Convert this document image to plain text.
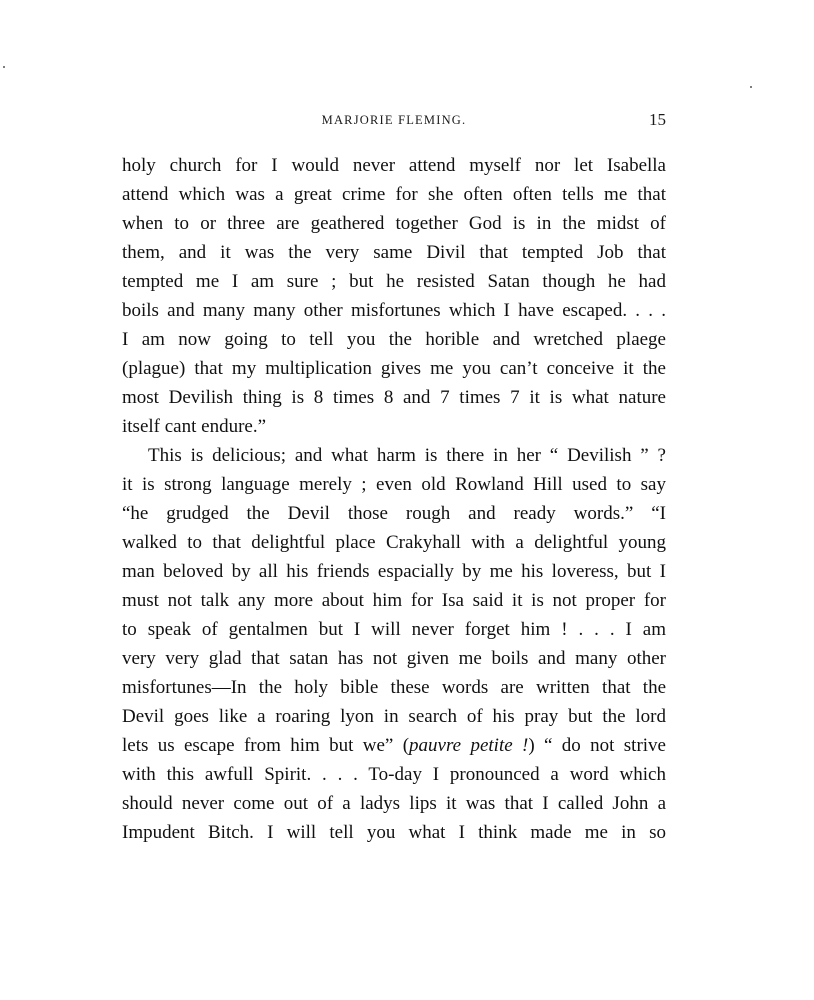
MARJORIE FLEMING.	15
holy church for I would never attend myself nor let Isabella
attend which was a great crime for she often often tells me that
when to or three are geathered together God is in the midst of
them, and it was the very same Divil that tempted Job that
tempted me I am sure ; but he resisted Satan though he had
boils and many many other misfortunes which I have escaped. . . .
I am now going to tell you the horible and wretched plaege
(plague) that my multiplication gives me you can’t conceive it the
most Devilish thing is 8 times 8 and 7 times 7 it is what nature
itself cant endure.”
This is delicious; and what harm is there in her “ Devilish ” ?
it is strong language merely ; even old Rowland Hill used to say
“he grudged the Devil those rough and ready words.” “I
walked to that delightful place Crakyhall with a delightful young
man beloved by all his friends espacially by me his loveress, but I
must not talk any more about him for Isa said it is not proper for
to speak of gentalmen but I will never forget him ! . . . I am
very very glad that satan has not given me boils and many other
misfortunes—In the holy bible these words are written that the
Devil goes like a roaring lyon in search of his pray but the lord
lets us escape from him but we” (pauvre petite !) “ do not strive
with this awfull Spirit. . . . To-day I pronounced a word which
should never come out of a ladys lips it was that I called John a
Impudent Bitch. I will tell you what I think made me in so
